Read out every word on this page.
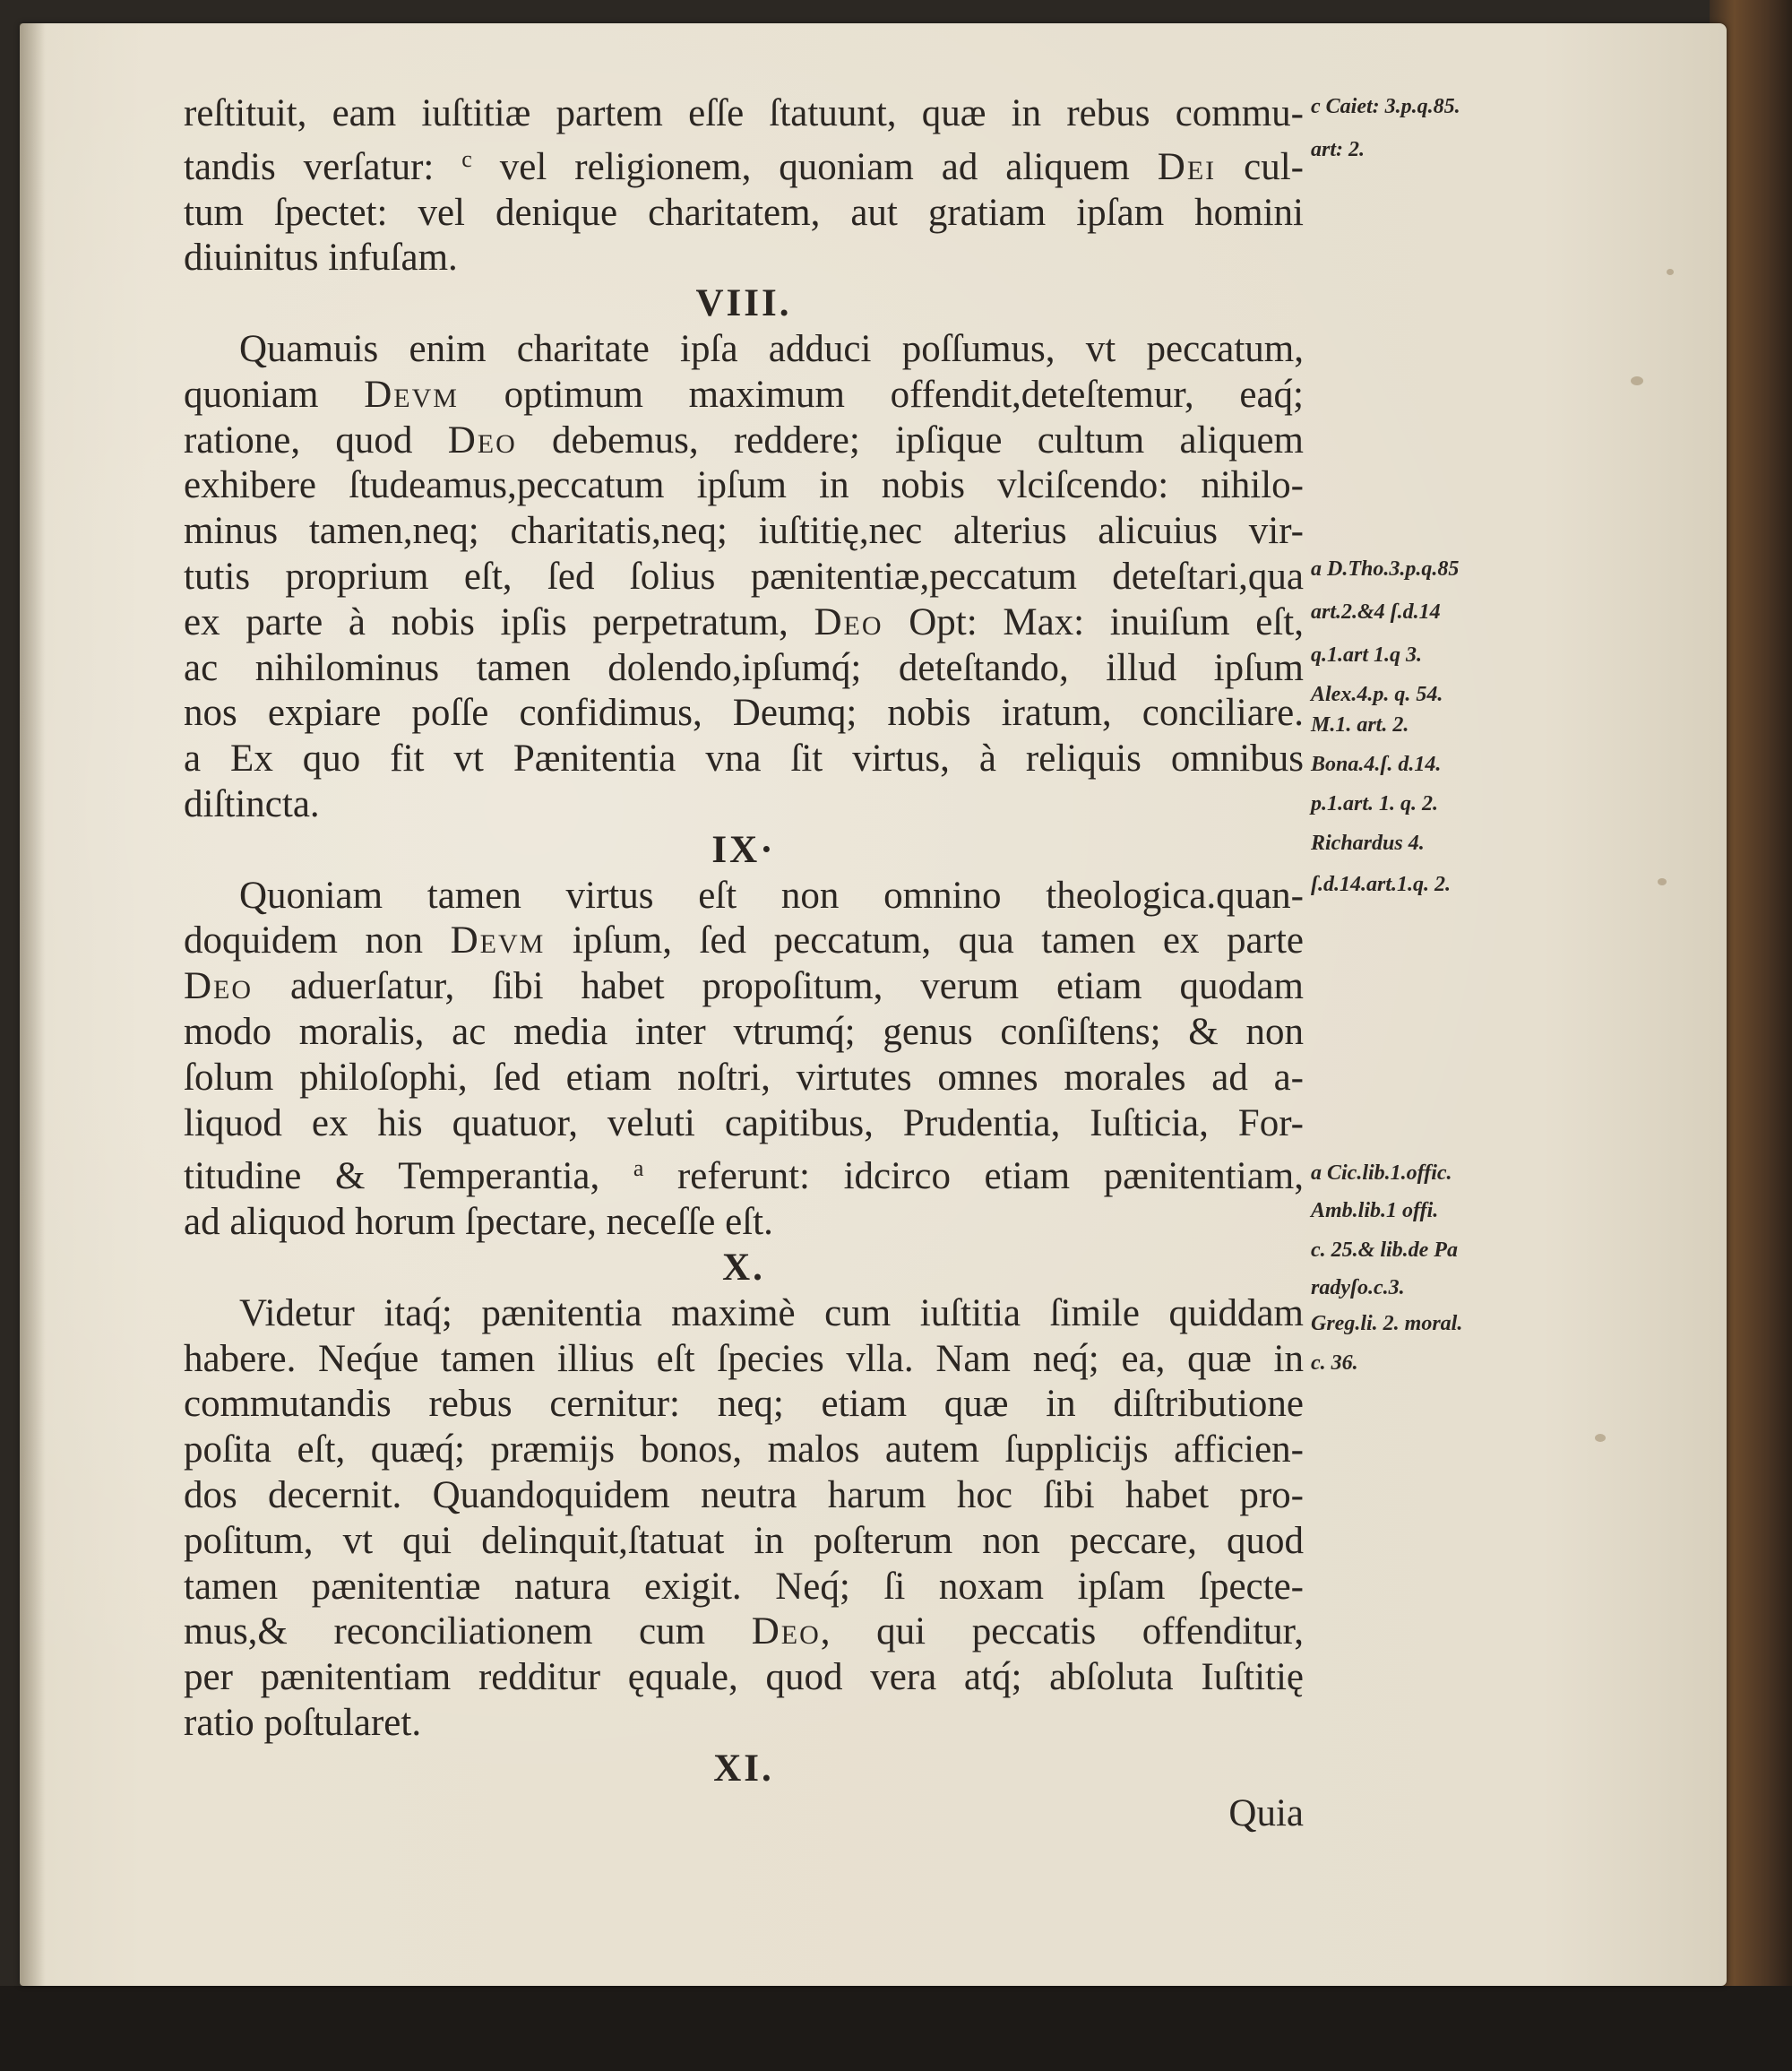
reſtituit, eam iuſtitiæ partem eſſe ſtatuunt, quæ in rebus commu-
tandis verſatur: $^c$ vel religionem, quoniam ad aliquem Dei cul-
tum ſpectet: vel denique charitatem, aut gratiam ipſam homini
diuinitus infuſam.
VIII.
Quamuis enim charitate ipſa adduci poſſumus, vt peccatum,
quoniam Devm optimum maximum offendit,deteſtemur, eaq́;
ratione, quod Deo debemus, reddere; ipſique cultum aliquem
exhibere ſtudeamus,peccatum ipſum in nobis vlciſcendo: nihilo-
minus tamen,neq; charitatis,neq; iuſtitię,nec alterius alicuius vir-
tutis proprium eſt, ſed ſolius pænitentiæ,peccatum deteſtari,qua
ex parte à nobis ipſis perpetratum, Deo Opt: Max: inuiſum eſt,
ac nihilominus tamen dolendo,ipſumq́; deteſtando, illud ipſum
nos expiare poſſe confidimus, Deumq; nobis iratum, conciliare.
a Ex quo fit vt Pænitentia vna ſit virtus, à reliquis omnibus
diſtincta.
IX·
Quoniam tamen virtus eſt non omnino theologica.quan-
doquidem non Devm ipſum, ſed peccatum, qua tamen ex parte
Deo aduerſatur, ſibi habet propoſitum, verum etiam quodam
modo moralis, ac media inter vtrumq́; genus conſiſtens; & non
ſolum philoſophi, ſed etiam noſtri, virtutes omnes morales ad a-
liquod ex his quatuor, veluti capitibus, Prudentia, Iuſticia, For-
titudine & Temperantia, $^a$ referunt: idcirco etiam pænitentiam,
ad aliquod horum ſpectare, neceſſe eſt.
X.
Videtur itaq́; pænitentia maximè cum iuſtitia ſimile quiddam
habere. Neq́ue tamen illius eſt ſpecies vlla. Nam neq́; ea, quæ in
commutandis rebus cernitur: neq; etiam quæ in diſtributione
poſita eſt, quæq́; præmijs bonos, malos autem ſupplicijs afficien-
dos decernit. Quandoquidem neutra harum hoc ſibi habet pro-
poſitum, vt qui delinquit,ſtatuat in poſterum non peccare, quod
tamen pænitentiæ natura exigit. Neq́; ſi noxam ipſam ſpecte-
mus,& reconciliationem cum Deo, qui peccatis offenditur,
per pænitentiam redditur ęquale, quod vera atq́; abſoluta Iuſtitię
ratio poſtularet.
XI.
Quia
c Caiet: 3.p.q.85.
art: 2.
a D.Tho.3.p.q.85
art.2.&4 ſ.d.14
q.1.art 1.q 3.
Alex.4.p. q. 54.
M.1. art. 2.
Bona.4.ſ. d.14.
p.1.art. 1. q. 2.
Richardus 4.
ſ.d.14.art.1.q. 2.
a Cic.lib.1.offic.
Amb.lib.1 offi.
c. 25.& lib.de Pa
radyſo.c.3.
Greg.li. 2. moral.
c. 36.
